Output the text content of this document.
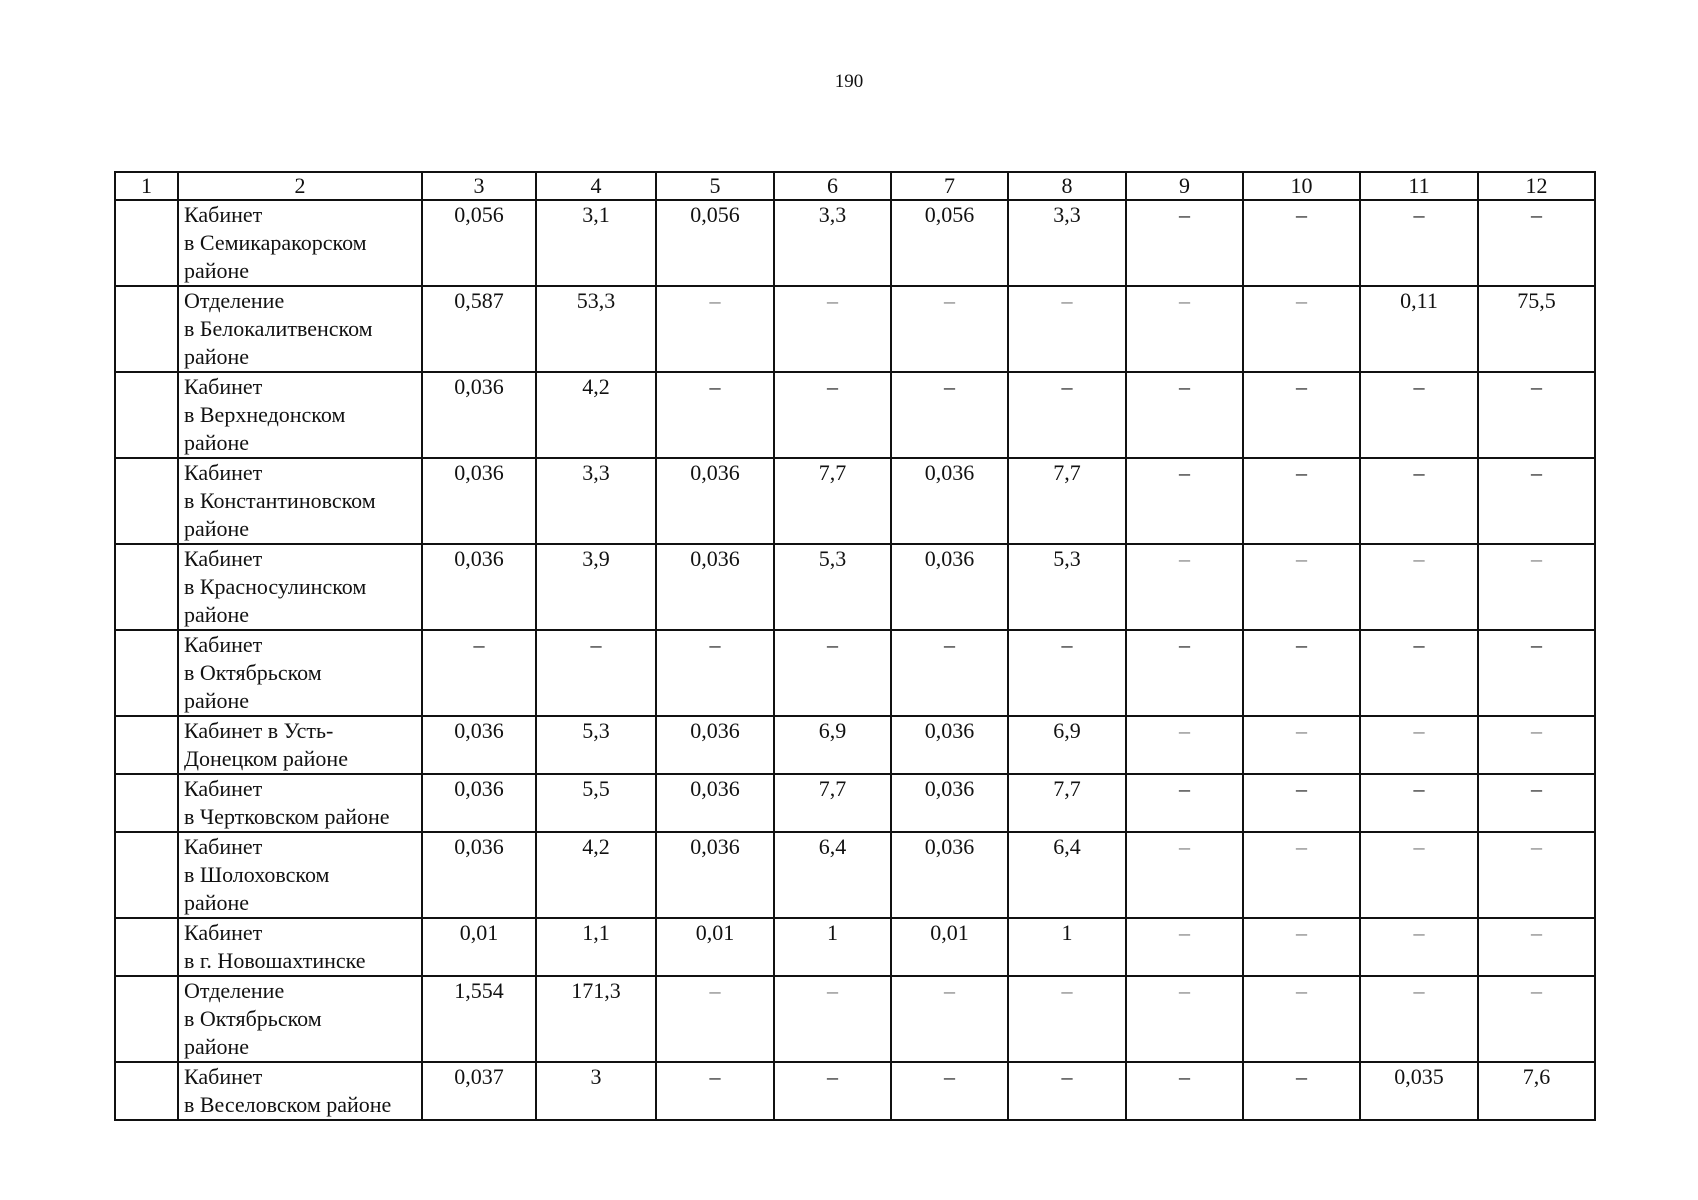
190
1	2	3	4	5	6	7	8	9	10	11	12

	Кабинет
в Семикаракорском
районе	0,056	3,1	0,056	3,3	0,056	3,3	–	–	–	–

	Отделение
в Белокалитвенском
районе	0,587	53,3	–	–	–	–	–	–	0,11	75,5

	Кабинет
в Верхнедонском
районе	0,036	4,2	–	–	–	–	–	–	–	–

	Кабинет
в Константиновском
районе	0,036	3,3	0,036	7,7	0,036	7,7	–	–	–	–

	Кабинет
в Красносулинском
районе	0,036	3,9	0,036	5,3	0,036	5,3	–	–	–	–

	Кабинет
в Октябрьском
районе	–	–	–	–	–	–	–	–	–	–

	Кабинет в Усть-
Донецком районе	0,036	5,3	0,036	6,9	0,036	6,9	–	–	–	–

	Кабинет
в Чертковском районе	0,036	5,5	0,036	7,7	0,036	7,7	–	–	–	–

	Кабинет
в Шолоховском
районе	0,036	4,2	0,036	6,4	0,036	6,4	–	–	–	–

	Кабинет
в г. Новошахтинске	0,01	1,1	0,01	1	0,01	1	–	–	–	–

	Отделение
в Октябрьском
районе	1,554	171,3	–	–	–	–	–	–	–	–

	Кабинет
в Веселовском районе	0,037	3	–	–	–	–	–	–	0,035	7,6
